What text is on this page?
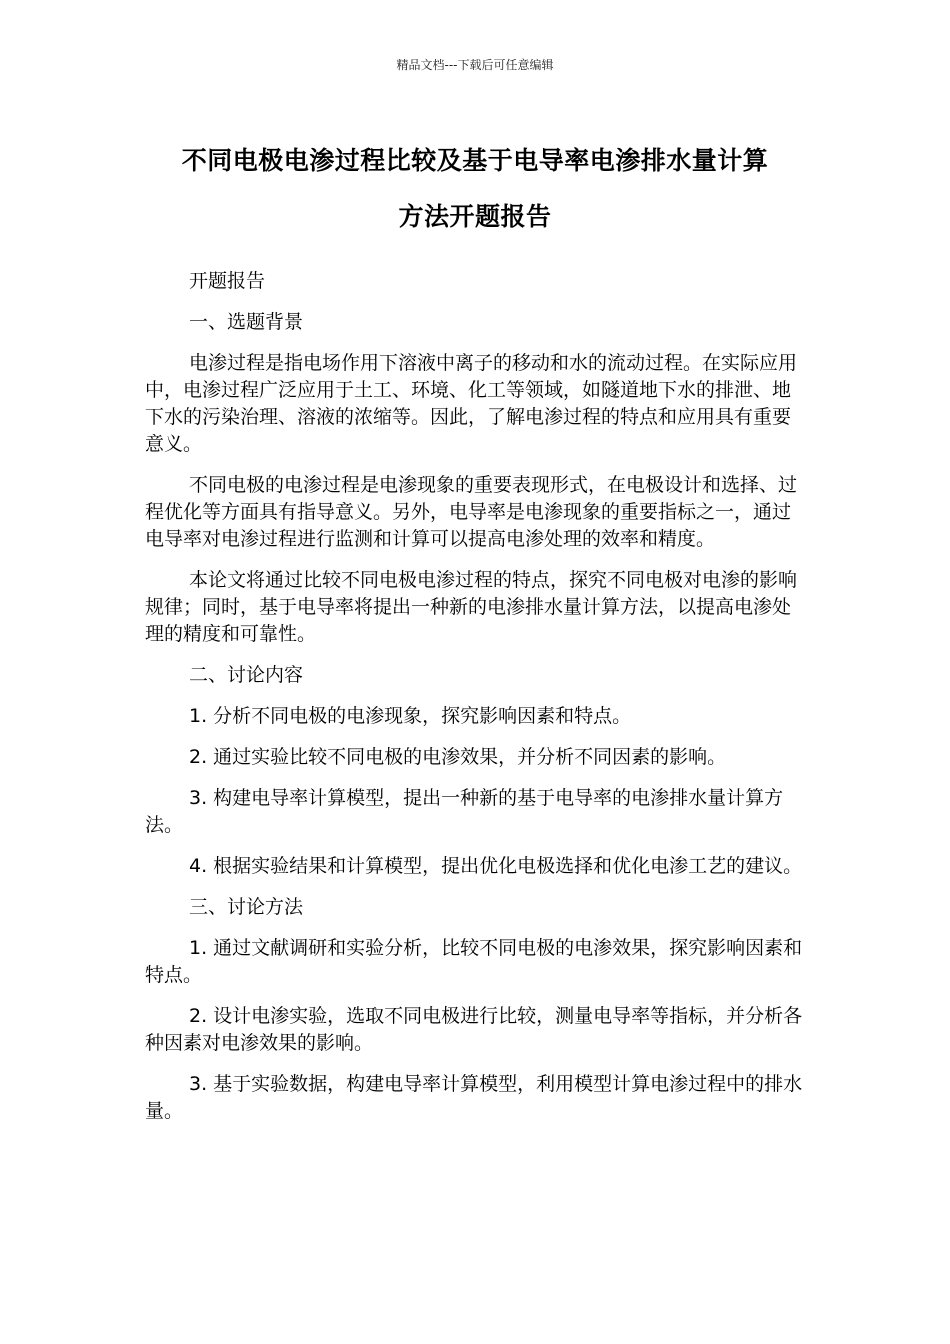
精品文档---下载后可任意编辑
不同电极电渗过程比较及基于电导率电渗排水量计算
方法开题报告

开题报告

一、选题背景

电渗过程是指电场作用下溶液中离子的移动和水的流动过程。在实际应用中，电渗过程广泛应用于土工、环境、化工等领域，如隧道地下水的排泄、地下水的污染治理、溶液的浓缩等。因此，了解电渗过程的特点和应用具有重要意义。

不同电极的电渗过程是电渗现象的重要表现形式，在电极设计和选择、过程优化等方面具有指导意义。另外，电导率是电渗现象的重要指标之一，通过电导率对电渗过程进行监测和计算可以提高电渗处理的效率和精度。

本论文将通过比较不同电极电渗过程的特点，探究不同电极对电渗的影响规律；同时，基于电导率将提出一种新的电渗排水量计算方法，以提高电渗处理的精度和可靠性。

二、讨论内容

1. 分析不同电极的电渗现象，探究影响因素和特点。

2. 通过实验比较不同电极的电渗效果，并分析不同因素的影响。

3. 构建电导率计算模型，提出一种新的基于电导率的电渗排水量计算方法。

4. 根据实验结果和计算模型，提出优化电极选择和优化电渗工艺的建议。

三、讨论方法

1. 通过文献调研和实验分析，比较不同电极的电渗效果，探究影响因素和特点。

2. 设计电渗实验，选取不同电极进行比较，测量电导率等指标，并分析各种因素对电渗效果的影响。

3. 基于实验数据，构建电导率计算模型，利用模型计算电渗过程中的排水量。
